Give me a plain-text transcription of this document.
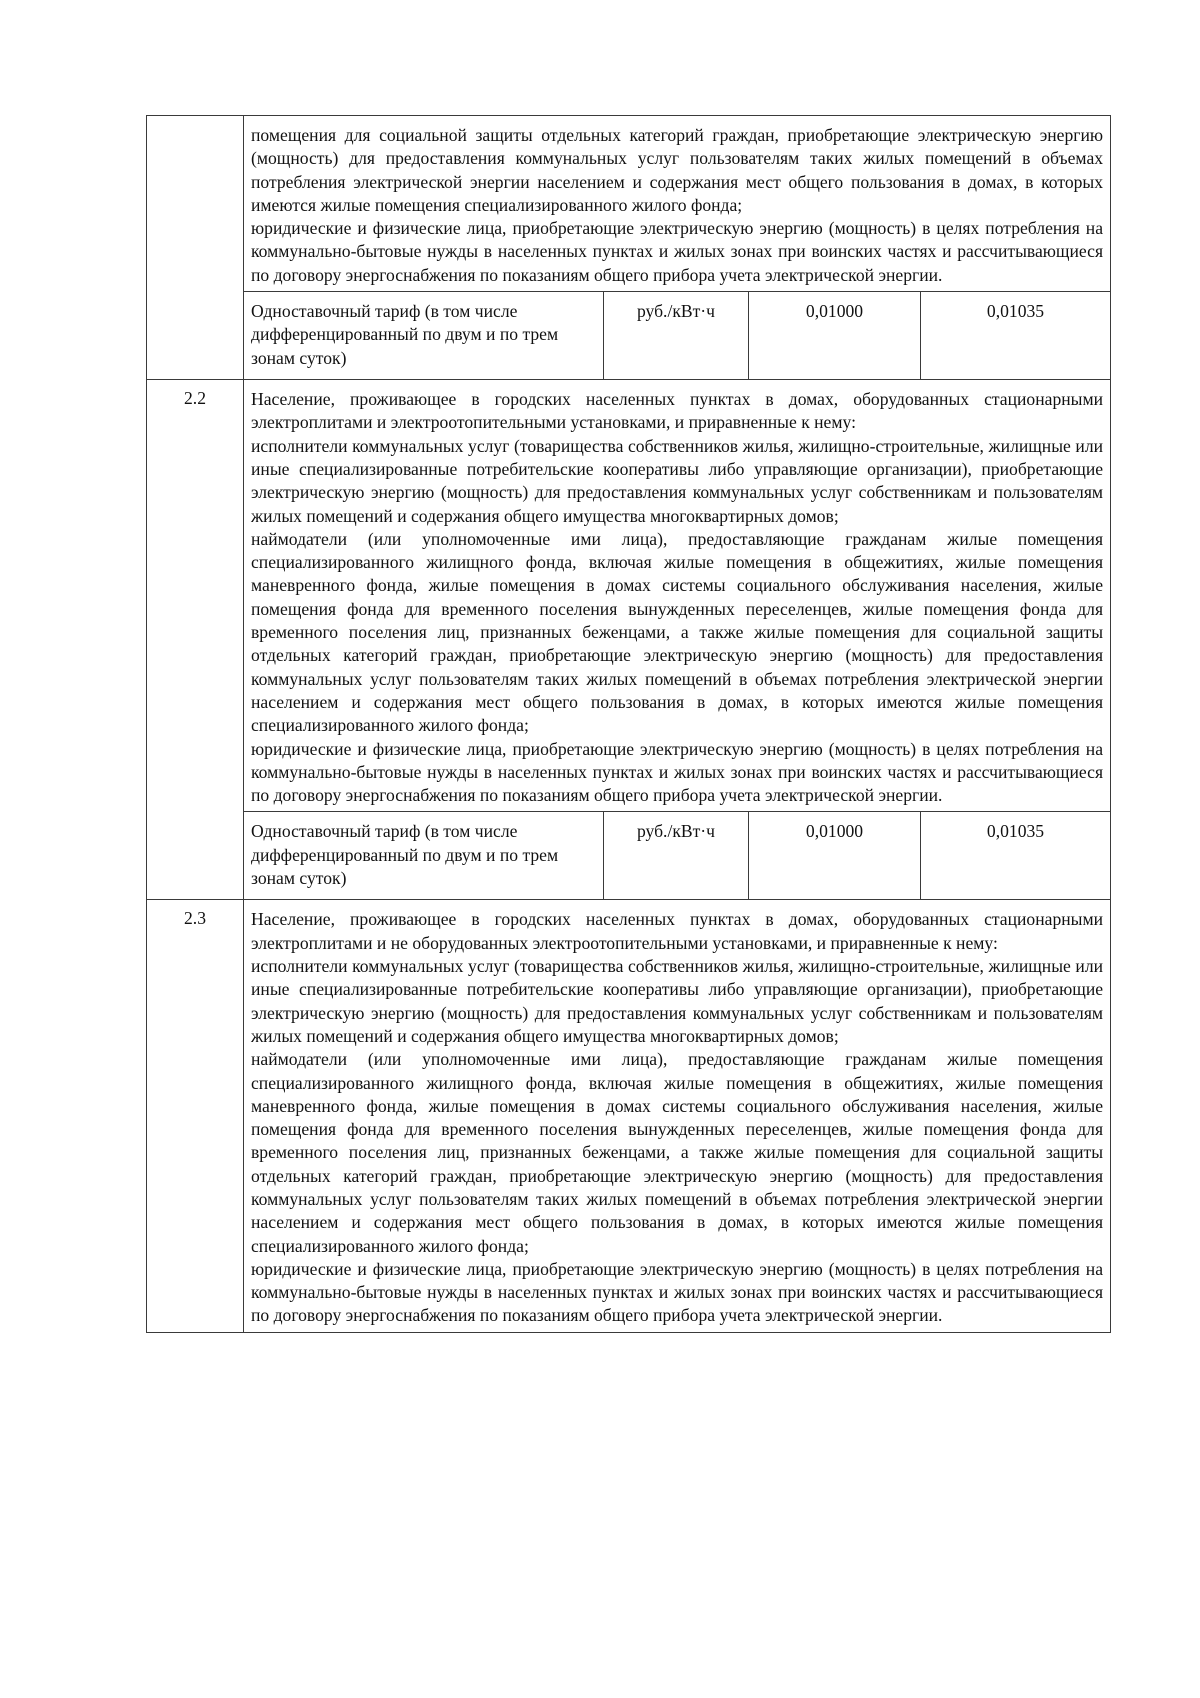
	помещения для социальной защиты отдельных категорий граждан, приобретающие электрическую энергию (мощность) для предоставления коммунальных услуг пользователям таких жилых помещений в объемах потребления электрической энергии населением и содержания мест общего пользования в домах, в которых имеются жилые помещения специализированного жилого фонда;

юридические и физические лица, приобретающие электрическую энергию (мощность) в целях потребления на коммунально-бытовые нужды в населенных пунктах и жилых зонах при воинских частях и рассчитывающиеся по договору энергоснабжения по показаниям общего прибора учета электрической энергии.			

	Одноставочный тариф (в том числе дифференцированный по двум и по трем зонам суток)	руб./кВт·ч	0,01000	0,01035
2.2	Население, проживающее в городских населенных пунктах в домах, оборудованных стационарными электроплитами и электроотопительными установками, и приравненные к нему:

исполнители коммунальных услуг (товарищества собственников жилья, жилищно-строительные, жилищные или иные специализированные потребительские кооперативы либо управляющие организации), приобретающие электрическую энергию (мощность) для предоставления коммунальных услуг собственникам и пользователям жилых помещений и содержания общего имущества многоквартирных домов;

наймодатели (или уполномоченные ими лица), предоставляющие гражданам жилые помещения специализированного жилищного фонда, включая жилые помещения в общежитиях, жилые помещения маневренного фонда, жилые помещения в домах системы социального обслуживания населения, жилые помещения фонда для временного поселения вынужденных переселенцев, жилые помещения фонда для временного поселения лиц, признанных беженцами, а также жилые помещения для социальной защиты отдельных категорий граждан, приобретающие электрическую энергию (мощность) для предоставления коммунальных услуг пользователям таких жилых помещений в объемах потребления электрической энергии населением и содержания мест общего пользования в домах, в которых имеются жилые помещения специализированного жилого фонда;

юридические и физические лица, приобретающие электрическую энергию (мощность) в целях потребления на коммунально-бытовые нужды в населенных пунктах и жилых зонах при воинских частях и рассчитывающиеся по договору энергоснабжения по показаниям общего прибора учета электрической энергии.			

	Одноставочный тариф (в том числе дифференцированный по двум и по трем зонам суток)	руб./кВт·ч	0,01000	0,01035
2.3	Население, проживающее в городских населенных пунктах в домах, оборудованных стационарными электроплитами и не оборудованных электроотопительными установками, и приравненные к нему:

исполнители коммунальных услуг (товарищества собственников жилья, жилищно-строительные, жилищные или иные специализированные потребительские кооперативы либо управляющие организации), приобретающие электрическую энергию (мощность) для предоставления коммунальных услуг собственникам и пользователям жилых помещений и содержания общего имущества многоквартирных домов;

наймодатели (или уполномоченные ими лица), предоставляющие гражданам жилые помещения специализированного жилищного фонда, включая жилые помещения в общежитиях, жилые помещения маневренного фонда, жилые помещения в домах системы социального обслуживания населения, жилые помещения фонда для временного поселения вынужденных переселенцев, жилые помещения фонда для временного поселения лиц, признанных беженцами, а также жилые помещения для социальной защиты отдельных категорий граждан, приобретающие электрическую энергию (мощность) для предоставления коммунальных услуг пользователям таких жилых помещений в объемах потребления электрической энергии населением и содержания мест общего пользования в домах, в которых имеются жилые помещения специализированного жилого фонда;

юридические и физические лица, приобретающие электрическую энергию (мощность) в целях потребления на коммунально-бытовые нужды в населенных пунктах и жилых зонах при воинских частях и рассчитывающиеся по договору энергоснабжения по показаниям общего прибора учета электрической энергии.			
